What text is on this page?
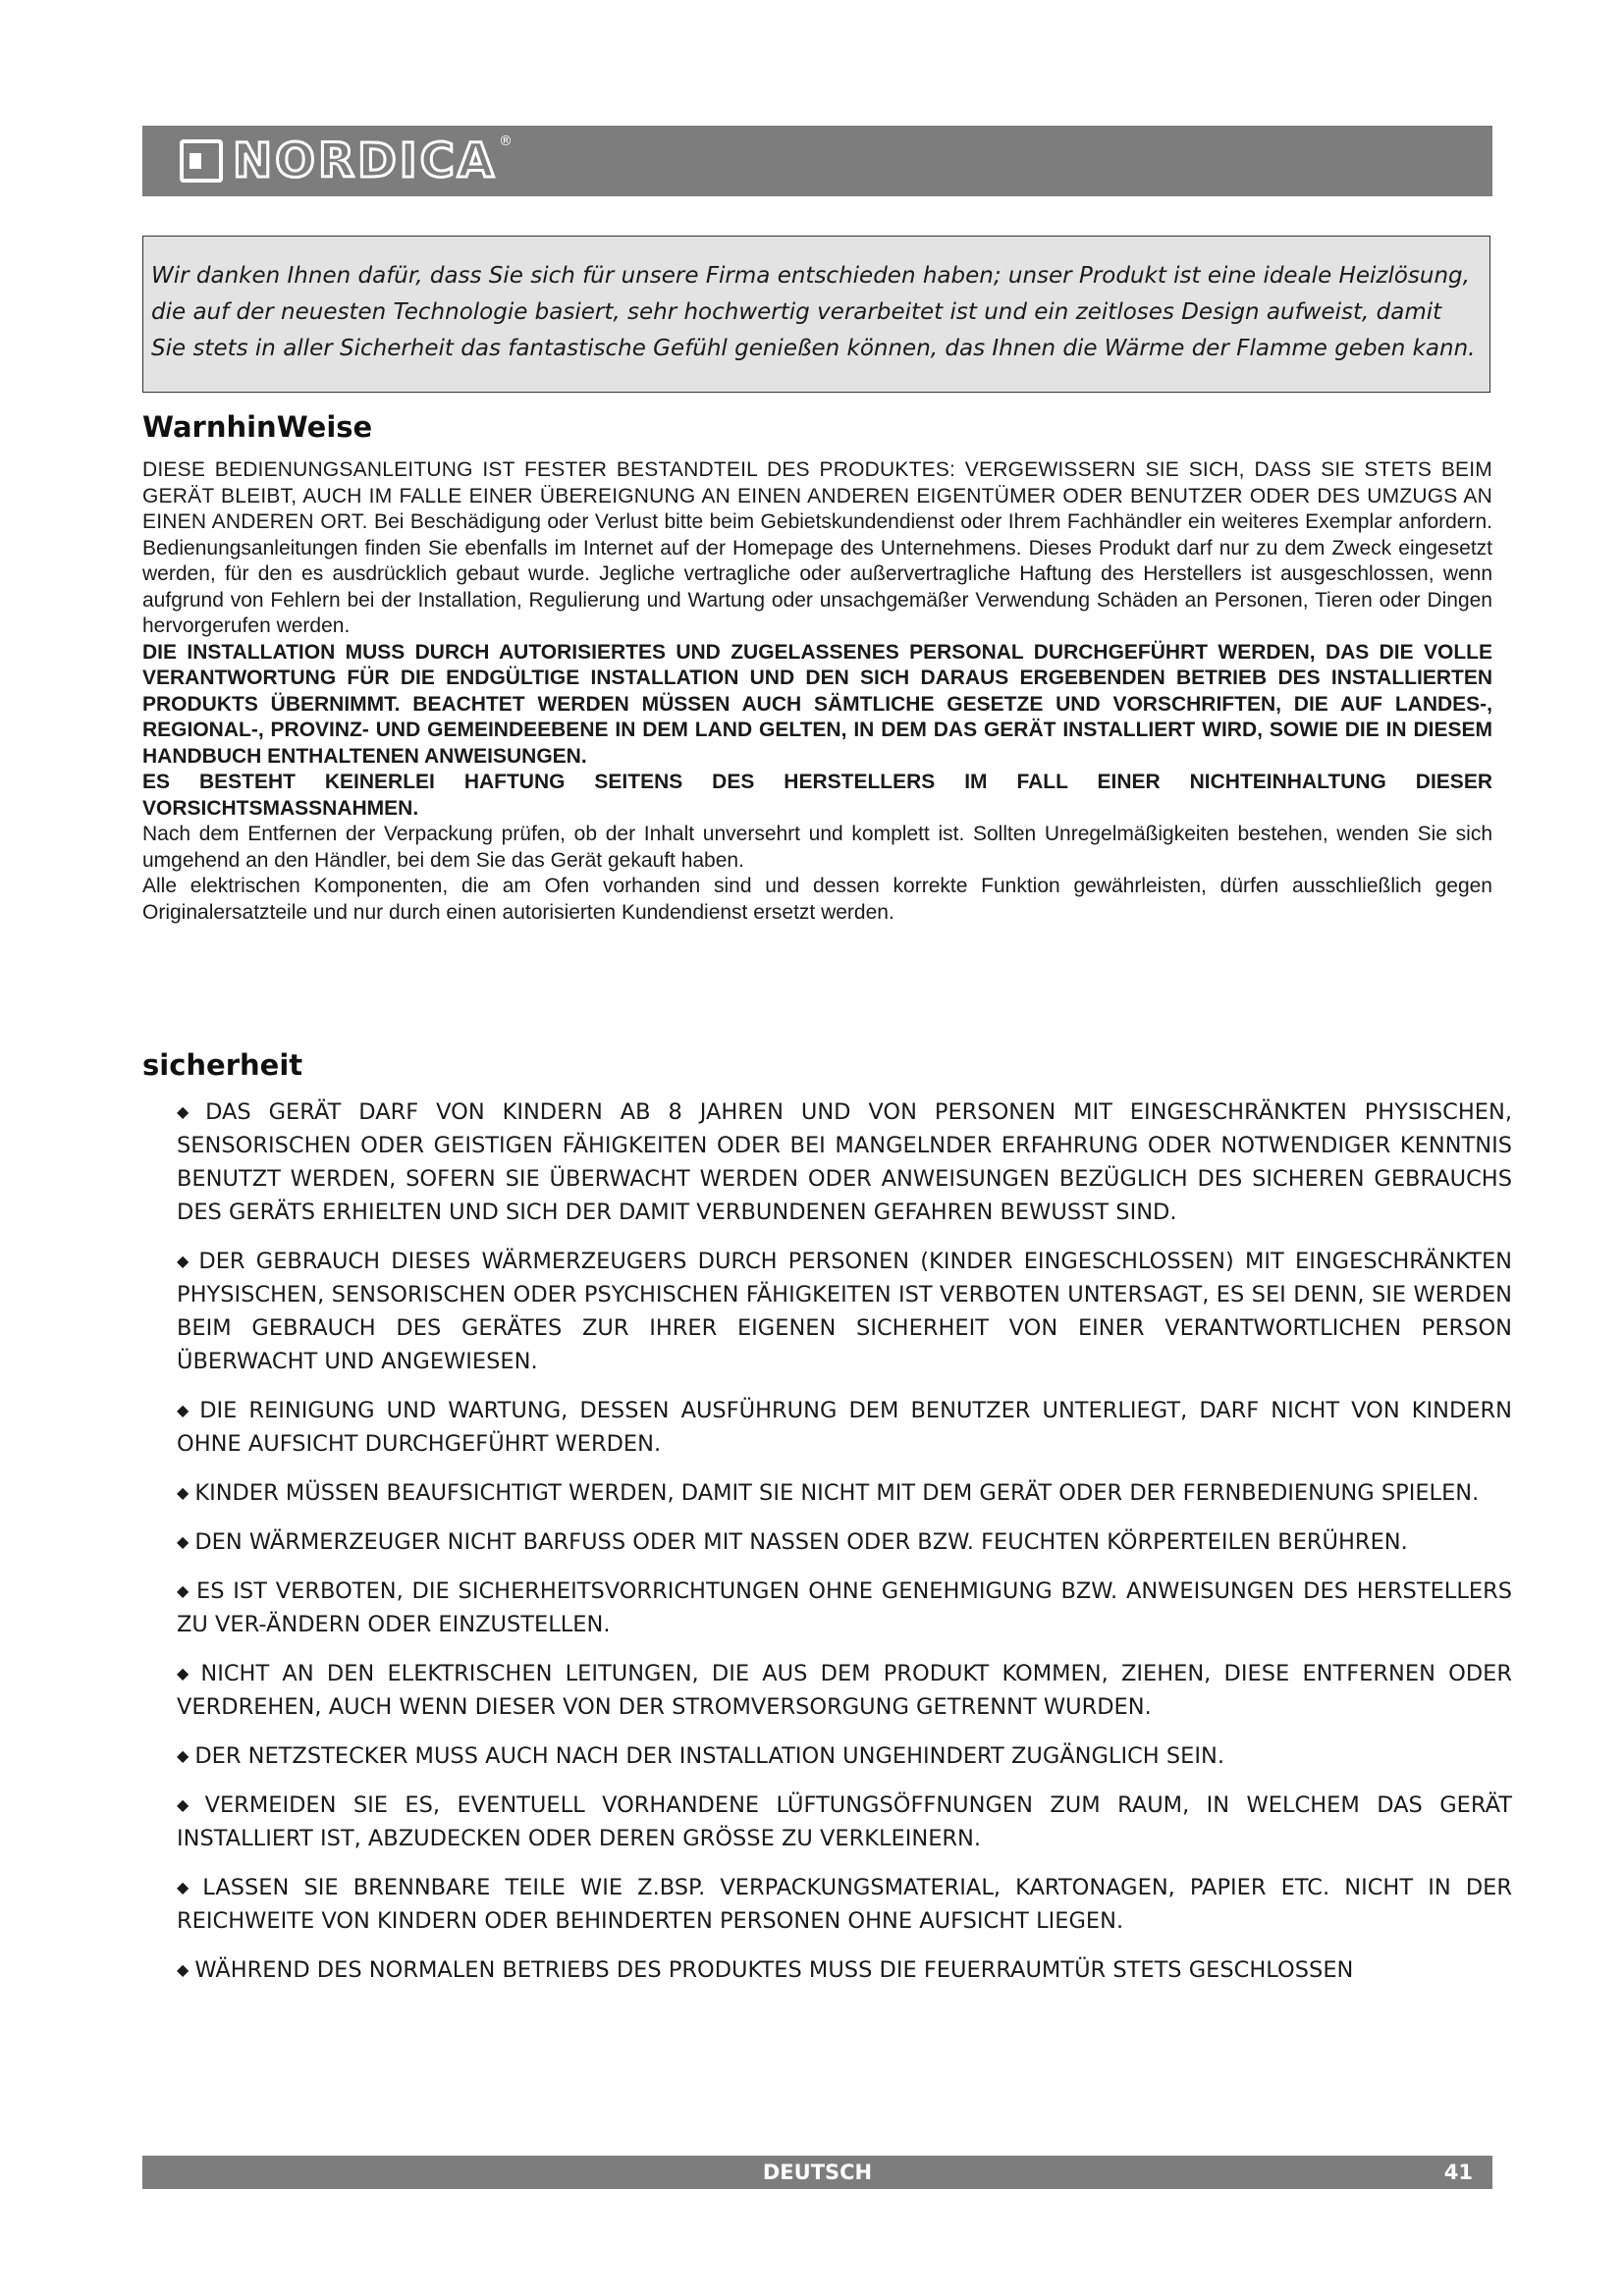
NORDICA ®

Wir danken Ihnen dafür, dass Sie sich für unsere Firma entschieden haben; unser Produkt ist eine ideale Heizlösung, die auf der neuesten Technologie basiert, sehr hochwertig verarbeitet ist und ein zeitloses Design aufweist, damit Sie stets in aller Sicherheit das fantastische Gefühl genießen können, das Ihnen die Wärme der Flamme geben kann.

WarnhinWeise

DIESE BEDIENUNGSANLEITUNG IST FESTER BESTANDTEIL DES PRODUKTES: VERGEWISSERN SIE SICH, DASS SIE STETS BEIM GERÄT BLEIBT, AUCH IM FALLE EINER ÜBEREIGNUNG AN EINEN ANDEREN EIGENTÜMER ODER BENUTZER ODER DES UMZUGS AN EINEN ANDEREN ORT. Bei Beschädigung oder Verlust bitte beim Gebietskundendienst oder Ihrem Fachhändler ein weiteres Exemplar anfordern. Bedienungsanleitungen finden Sie ebenfalls im Internet auf der Homepage des Unternehmens. Dieses Produkt darf nur zu dem Zweck eingesetzt werden, für den es ausdrücklich gebaut wurde. Jegliche vertragliche oder außervertragliche Haftung des Herstellers ist ausgeschlossen, wenn aufgrund von Fehlern bei der Installation, Regulierung und Wartung oder unsachgemäßer Verwendung Schäden an Personen, Tieren oder Dingen hervorgerufen werden.

DIE INSTALLATION MUSS DURCH AUTORISIERTES UND ZUGELASSENES PERSONAL DURCHGEFÜHRT WERDEN, DAS DIE VOLLE VERANTWORTUNG FÜR DIE ENDGÜLTIGE INSTALLATION UND DEN SICH DARAUS ERGEBENDEN BETRIEB DES INSTALLIERTEN PRODUKTS ÜBERNIMMT. BEACHTET WERDEN MÜSSEN AUCH SÄMTLICHE GESETZE UND VORSCHRIFTEN, DIE AUF LANDES-, REGIONAL-, PROVINZ- UND GEMEINDEEBENE IN DEM LAND GELTEN, IN DEM DAS GERÄT INSTALLIERT WIRD, SOWIE DIE IN DIESEM HANDBUCH ENTHALTENEN ANWEISUNGEN.

ES BESTEHT KEINERLEI HAFTUNG SEITENS DES HERSTELLERS IM FALL EINER NICHTEINHALTUNG DIESER VORSICHTSMASSNAHMEN.

Nach dem Entfernen der Verpackung prüfen, ob der Inhalt unversehrt und komplett ist. Sollten Unregelmäßigkeiten bestehen, wenden Sie sich umgehend an den Händler, bei dem Sie das Gerät gekauft haben.

Alle elektrischen Komponenten, die am Ofen vorhanden sind und dessen korrekte Funktion gewährleisten, dürfen ausschließlich gegen Originalersatzteile und nur durch einen autorisierten Kundendienst ersetzt werden.

sicherheit
◆ DAS GERÄT DARF VON KINDERN AB 8 JAHREN UND VON PERSONEN MIT EINGESCHRÄNKTEN PHYSISCHEN, SENSORISCHEN ODER GEISTIGEN FÄHIGKEITEN ODER BEI MANGELNDER ERFAHRUNG ODER NOTWENDIGER KENNTNIS BENUTZT WERDEN, SOFERN SIE ÜBERWACHT WERDEN ODER ANWEISUNGEN BEZÜGLICH DES SICHEREN GEBRAUCHS DES GERÄTS ERHIELTEN UND SICH DER DAMIT VERBUNDENEN GEFAHREN BEWUSST SIND.
◆ DER GEBRAUCH DIESES WÄRMERZEUGERS DURCH PERSONEN (KINDER EINGESCHLOSSEN) MIT EINGESCHRÄNKTEN PHYSISCHEN, SENSORISCHEN ODER PSYCHISCHEN FÄHIGKEITEN IST VERBOTEN UNTERSAGT, ES SEI DENN, SIE WERDEN BEIM GEBRAUCH DES GERÄTES ZUR IHRER EIGENEN SICHERHEIT VON EINER VERANTWORTLICHEN PERSON ÜBERWACHT UND ANGEWIESEN.
◆ DIE REINIGUNG UND WARTUNG, DESSEN AUSFÜHRUNG DEM BENUTZER UNTERLIEGT, DARF NICHT VON KINDERN OHNE AUFSICHT DURCHGEFÜHRT WERDEN.
◆ KINDER MÜSSEN BEAUFSICHTIGT WERDEN, DAMIT SIE NICHT MIT DEM GERÄT ODER DER FERNBEDIENUNG SPIELEN.
◆ DEN WÄRMERZEUGER NICHT BARFUSS ODER MIT NASSEN ODER BZW. FEUCHTEN KÖRPERTEILEN BERÜHREN.
◆ ES IST VERBOTEN, DIE SICHERHEITSVORRICHTUNGEN OHNE GENEHMIGUNG BZW. ANWEISUNGEN DES HERSTELLERS ZU VER-ÄNDERN ODER EINZUSTELLEN.
◆ NICHT AN DEN ELEKTRISCHEN LEITUNGEN, DIE AUS DEM PRODUKT KOMMEN, ZIEHEN, DIESE ENTFERNEN ODER VERDREHEN, AUCH WENN DIESER VON DER STROMVERSORGUNG GETRENNT WURDEN.
◆ DER NETZSTECKER MUSS AUCH NACH DER INSTALLATION UNGEHINDERT ZUGÄNGLICH SEIN.
◆ VERMEIDEN SIE ES, EVENTUELL VORHANDENE LÜFTUNGSÖFFNUNGEN ZUM RAUM, IN WELCHEM DAS GERÄT INSTALLIERT IST, ABZUDECKEN ODER DEREN GRÖSSE ZU VERKLEINERN.
◆ LASSEN SIE BRENNBARE TEILE WIE Z.BSP. VERPACKUNGSMATERIAL, KARTONAGEN, PAPIER ETC. NICHT IN DER REICHWEITE VON KINDERN ODER BEHINDERTEN PERSONEN OHNE AUFSICHT LIEGEN.
◆ WÄHREND DES NORMALEN BETRIEBS DES PRODUKTES MUSS DIE FEUERRAUMTÜR STETS GESCHLOSSEN
DEUTSCH	41
